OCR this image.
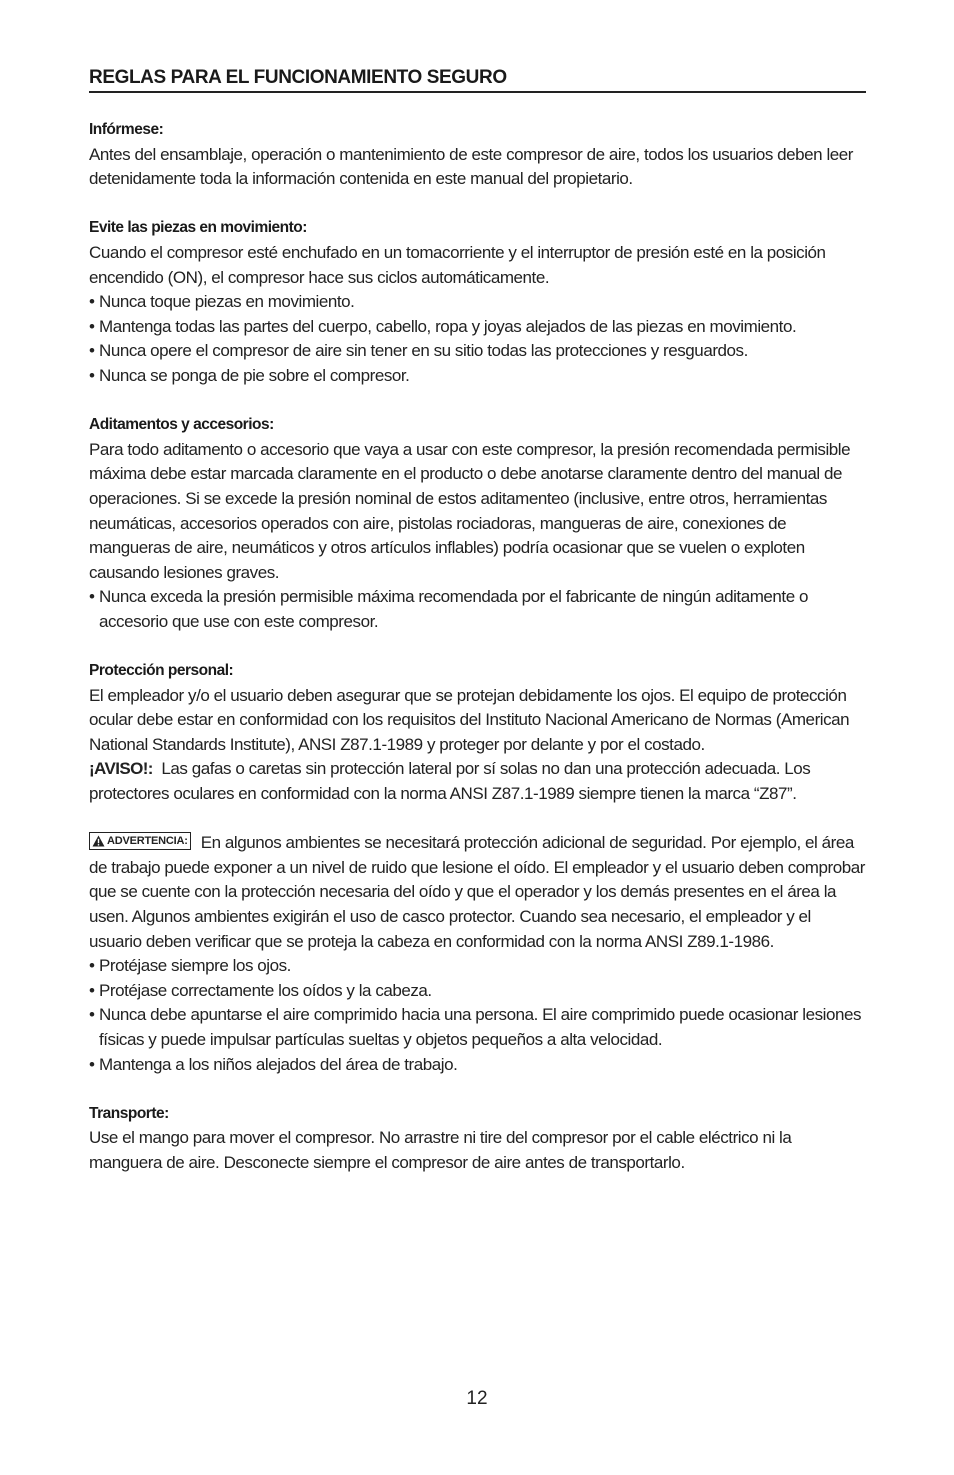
REGLAS PARA EL FUNCIONAMIENTO SEGURO
Infórmese:
Antes del ensamblaje, operación o mantenimiento de este compresor de aire, todos los usuarios deben leer detenidamente toda la información contenida en este manual del propietario.
Evite las piezas en movimiento:
Cuando el compresor esté enchufado en un tomacorriente y el interruptor de presión esté en la posición encendido (ON), el compresor hace sus ciclos automáticamente.
• Nunca toque piezas en movimiento.
• Mantenga todas las partes del cuerpo, cabello, ropa y joyas alejados de las piezas en movimiento.
• Nunca opere el compresor de aire sin tener en su sitio todas las protecciones y resguardos.
• Nunca se ponga de pie sobre el compresor.
Aditamentos y accesorios:
Para todo aditamento o accesorio que vaya a usar con este compresor, la presión recomendada permisible máxima debe estar marcada claramente en el producto o debe anotarse claramente dentro del manual de operaciones. Si se excede la presión nominal de estos aditamenteo (inclusive, entre otros, herramientas neumáticas, accesorios operados con aire, pistolas rociadoras, mangueras de aire, conexiones de mangueras de aire, neumáticos y otros artículos inflables) podría ocasionar que se vuelen o exploten causando lesiones graves.
• Nunca exceda la presión permisible máxima recomendada por el fabricante de ningún aditamente o accesorio que use con este compresor.
Protección personal:
El empleador y/o el usuario deben asegurar que se protejan debidamente los ojos. El equipo de protección ocular debe estar en conformidad con los requisitos del Instituto Nacional Americano de Normas (American National Standards Institute), ANSI Z87.1-1989 y proteger por delante y por el costado.
¡AVISO!: Las gafas o caretas sin protección lateral por sí solas no dan una protección adecuada. Los protectores oculares en conformidad con la norma ANSI Z87.1-1989 siempre tienen la marca “Z87”.
ADVERTENCIA: En algunos ambientes se necesitará protección adicional de seguridad. Por ejemplo, el área de trabajo puede exponer a un nivel de ruido que lesione el oído. El empleador y el usuario deben comprobar que se cuente con la protección necesaria del oído y que el operador y los demás presentes en el área la usen. Algunos ambientes exigirán el uso de casco protector. Cuando sea necesario, el empleador y el usuario deben verificar que se proteja la cabeza en conformidad con la norma ANSI Z89.1-1986.
• Protéjase siempre los ojos.
• Protéjase correctamente los oídos y la cabeza.
• Nunca debe apuntarse el aire comprimido hacia una persona. El aire comprimido puede ocasionar lesiones físicas y puede impulsar partículas sueltas y objetos pequeños a alta velocidad.
• Mantenga a los niños alejados del área de trabajo.
Transporte:
Use el mango para mover el compresor. No arrastre ni tire del compresor por el cable eléctrico ni la manguera de aire. Desconecte siempre el compresor de aire antes de transportarlo.
12
